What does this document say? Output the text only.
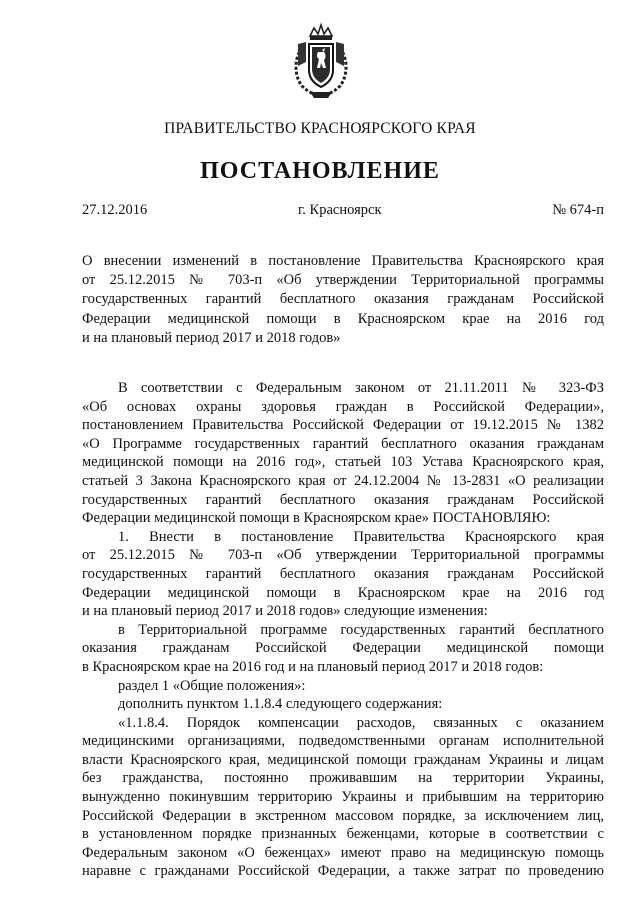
ПРАВИТЕЛЬСТВО КРАСНОЯРСКОГО КРАЯ
ПОСТАНОВЛЕНИЕ
27.12.2016	г. Красноярск	№ 674-п
О внесении изменений в постановление Правительства Красноярского края
от 25.12.2015 № 703-п «Об утверждении Территориальной программы
государственных гарантий бесплатного оказания гражданам Российской
Федерации медицинской помощи в Красноярском крае на 2016 год
и на плановый период 2017 и 2018 годов»
В соответствии с Федеральным законом от 21.11.2011 № 323-ФЗ
«Об основах охраны здоровья граждан в Российской Федерации»,
постановлением Правительства Российской Федерации от 19.12.2015 № 1382
«О Программе государственных гарантий бесплатного оказания гражданам
медицинской помощи на 2016 год», статьей 103 Устава Красноярского края,
статьей 3 Закона Красноярского края от 24.12.2004 № 13-2831 «О реализации
государственных гарантий бесплатного оказания гражданам Российской
Федерации медицинской помощи в Красноярском крае» ПОСТАНОВЛЯЮ:
1. Внести в постановление Правительства Красноярского края
от 25.12.2015 № 703-п «Об утверждении Территориальной программы
государственных гарантий бесплатного оказания гражданам Российской
Федерации медицинской помощи в Красноярском крае на 2016 год
и на плановый период 2017 и 2018 годов» следующие изменения:
в Территориальной программе государственных гарантий бесплатного
оказания гражданам Российской Федерации медицинской помощи
в Красноярском крае на 2016 год и на плановый период 2017 и 2018 годов:
раздел 1 «Общие положения»:
дополнить пунктом 1.1.8.4 следующего содержания:
«1.1.8.4. Порядок компенсации расходов, связанных с оказанием
медицинскими организациями, подведомственными органам исполнительной
власти Красноярского края, медицинской помощи гражданам Украины и лицам
без гражданства, постоянно проживавшим на территории Украины,
вынужденно покинувшим территорию Украины и прибывшим на территорию
Российской Федерации в экстренном массовом порядке, за исключением лиц,
в установленном порядке признанных беженцами, которые в соответствии с
Федеральным законом «О беженцах» имеют право на медицинскую помощь
наравне с гражданами Российской Федерации, а также затрат по проведению
